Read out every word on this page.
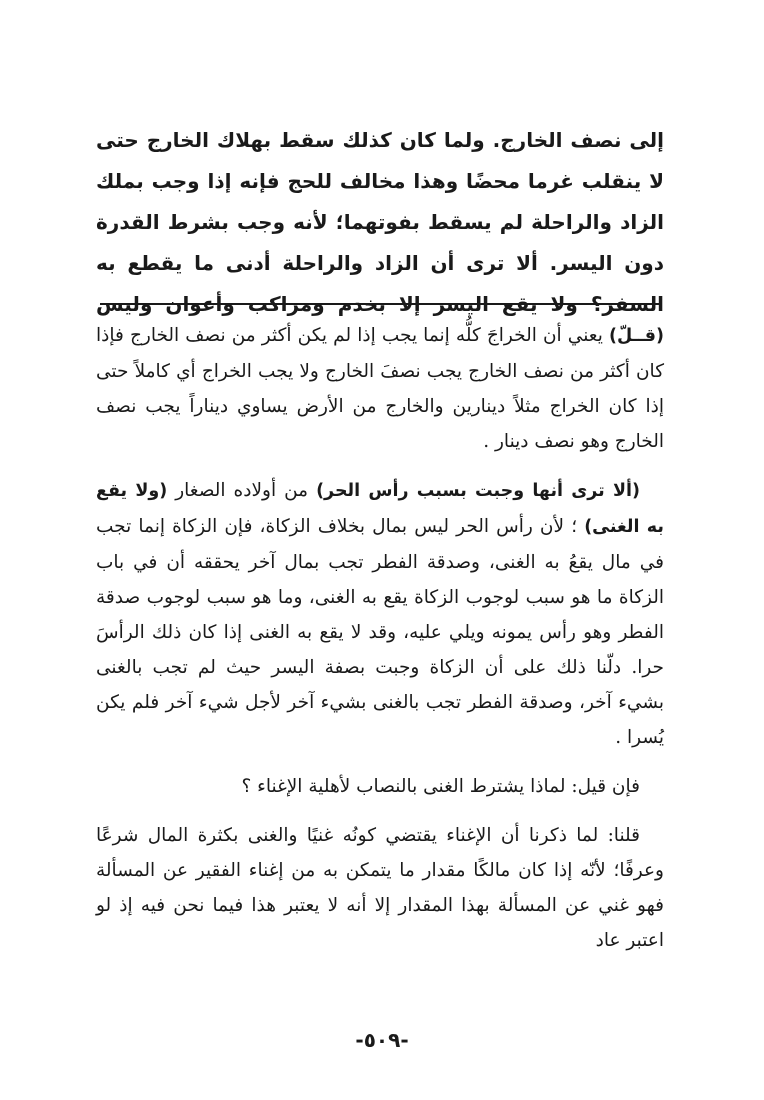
إلى نصف الخارج. ولما كان كذلك سقط بهلاك الخارج حتى لا ينقلب غرما محضًا وهذا مخالف للحج فإنه إذا وجب بملك الزاد والراحلة لم يسقط بفوتهما؛ لأنه وجب بشرط القدرة دون اليسر. ألا ترى أن الزاد والراحلة أدنى ما يقطع به السفر؟ ولا يقع اليسر إلا بخدم ومراكب وأعوان وليس

(قــلّ) يعني أن الخراجَ كلُّه إنما يجب إذا لم يكن أكثر من نصف الخارج فإذا كان أكثر من نصف الخارج يجب نصفَ الخارج ولا يجب الخراج أي كاملاً حتى إذا كان الخراج مثلاً دينارين والخارج من الأرض يساوي ديناراً يجب نصف الخارج وهو نصف دينار .

(ألا ترى أنها وجبت بسبب رأس الحر) من أولاده الصغار (ولا يقع به الغنى) ؛ لأن رأس الحر ليس بمال بخلاف الزكاة، فإن الزكاة إنما تجب في مال يقعُ به الغنى، وصدقة الفطر تجب بمال آخر يحققه أن في باب الزكاة ما هو سبب لوجوب الزكاة يقع به الغنى، وما هو سبب لوجوب صدقة الفطر وهو رأس يمونه ويلي عليه، وقد لا يقع به الغنى إذا كان ذلك الرأسَ حرا. دلّنا ذلك على أن الزكاة وجبت بصفة اليسر حيث لم تجب بالغنى بشيء آخر، وصدقة الفطر تجب بالغنى بشيء آخر لأجل شيء آخر فلم يكن يُسرا .

فإن قيل: لماذا يشترط الغنى بالنصاب لأهلية الإغناء ؟

قلنا: لما ذكرنا أن الإغناء يقتضي كونُه غنيًا والغنى بكثرة المال شرعًا وعرفًا؛ لأنّه إذا كان مالكًا مقدار ما يتمكن به من إغناء الفقير عن المسألة فهو غني عن المسألة بهذا المقدار إلا أنه لا يعتبر هذا فيما نحن فيه إذ لو اعتبر عاد

-٥٠٩-
